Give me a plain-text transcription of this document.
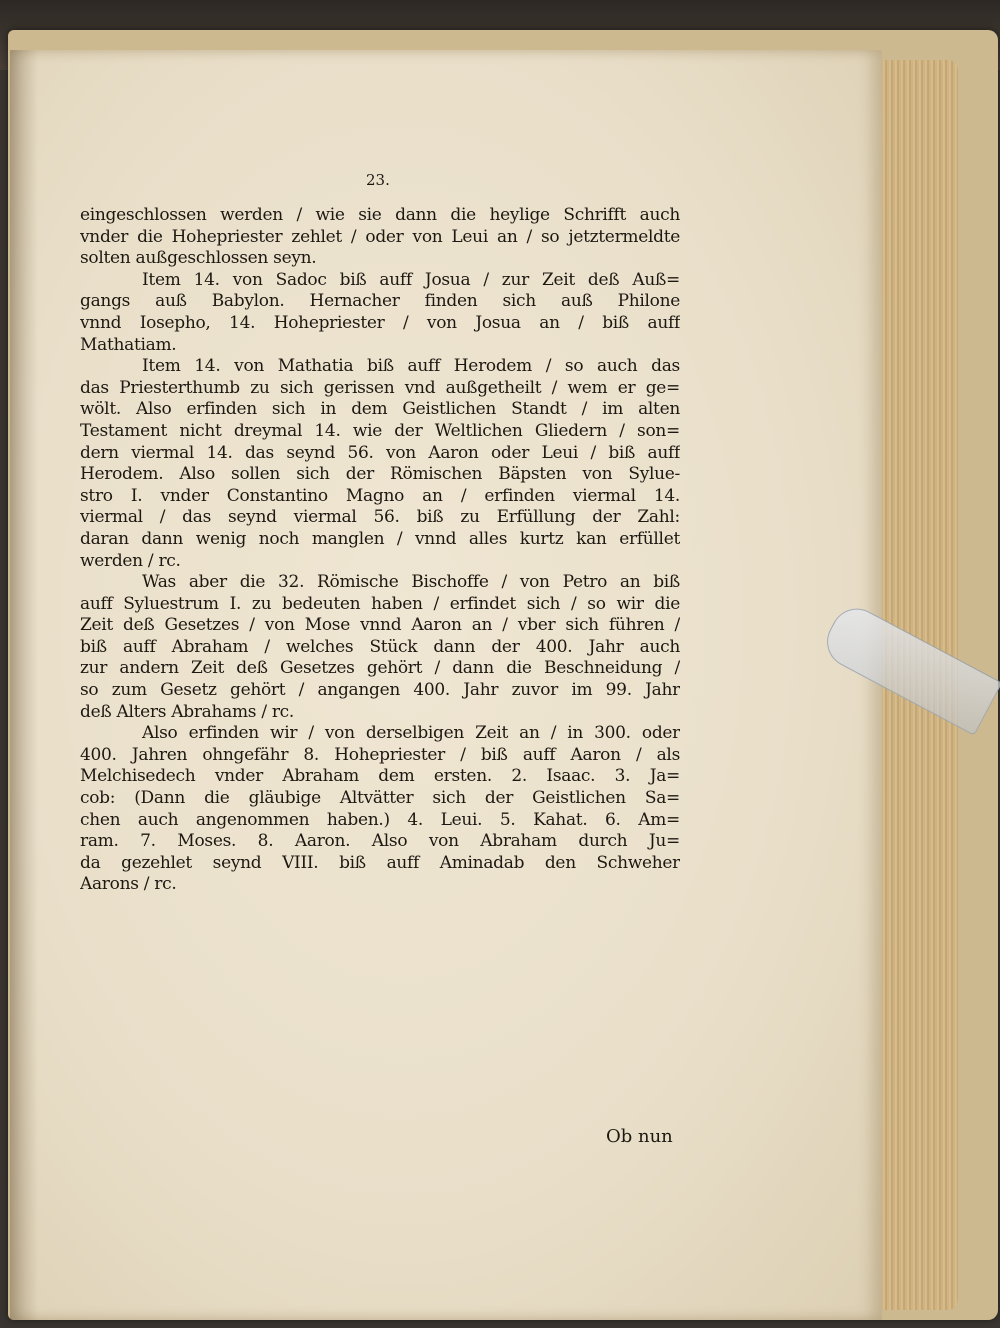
23.
eingeschlossen werden / wie sie dann die heylige Schrifft auch
vnder die Hohepriester zehlet / oder von Leui an / so jetztermeldte
solten außgeschlossen seyn.
Item 14. von Sadoc biß auff Josua / zur Zeit deß Auß=
gangs auß Babylon. Hernacher finden sich auß Philone
vnnd Iosepho, 14. Hohepriester / von Josua an / biß auff
Mathatiam.
Item 14. von Mathatia biß auff Herodem / so auch das
das Priesterthumb zu sich gerissen vnd außgetheilt / wem er ge=
wölt. Also erfinden sich in dem Geistlichen Standt / im alten
Testament nicht dreymal 14. wie der Weltlichen Gliedern / son=
dern viermal 14. das seynd 56. von Aaron oder Leui / biß auff
Herodem. Also sollen sich der Römischen Bäpsten von Sylue-
stro I. vnder Constantino Magno an / erfinden viermal 14.
viermal / das seynd viermal 56. biß zu Erfüllung der Zahl:
daran dann wenig noch manglen / vnnd alles kurtz kan erfüllet
werden / rc.
Was aber die 32. Römische Bischoffe / von Petro an biß
auff Syluestrum I. zu bedeuten haben / erfindet sich / so wir die
Zeit deß Gesetzes / von Mose vnnd Aaron an / vber sich führen /
biß auff Abraham / welches Stück dann der 400. Jahr auch
zur andern Zeit deß Gesetzes gehört / dann die Beschneidung /
so zum Gesetz gehört / angangen 400. Jahr zuvor im 99. Jahr
deß Alters Abrahams / rc.
Also erfinden wir / von derselbigen Zeit an / in 300. oder
400. Jahren ohngefähr 8. Hohepriester / biß auff Aaron / als
Melchisedech vnder Abraham dem ersten. 2. Isaac. 3. Ja=
cob: (Dann die gläubige Altvätter sich der Geistlichen Sa=
chen auch angenommen haben.) 4. Leui. 5. Kahat. 6. Am=
ram. 7. Moses. 8. Aaron. Also von Abraham durch Ju=
da gezehlet seynd VIII. biß auff Aminadab den Schweher
Aarons / rc.
Ob nun
